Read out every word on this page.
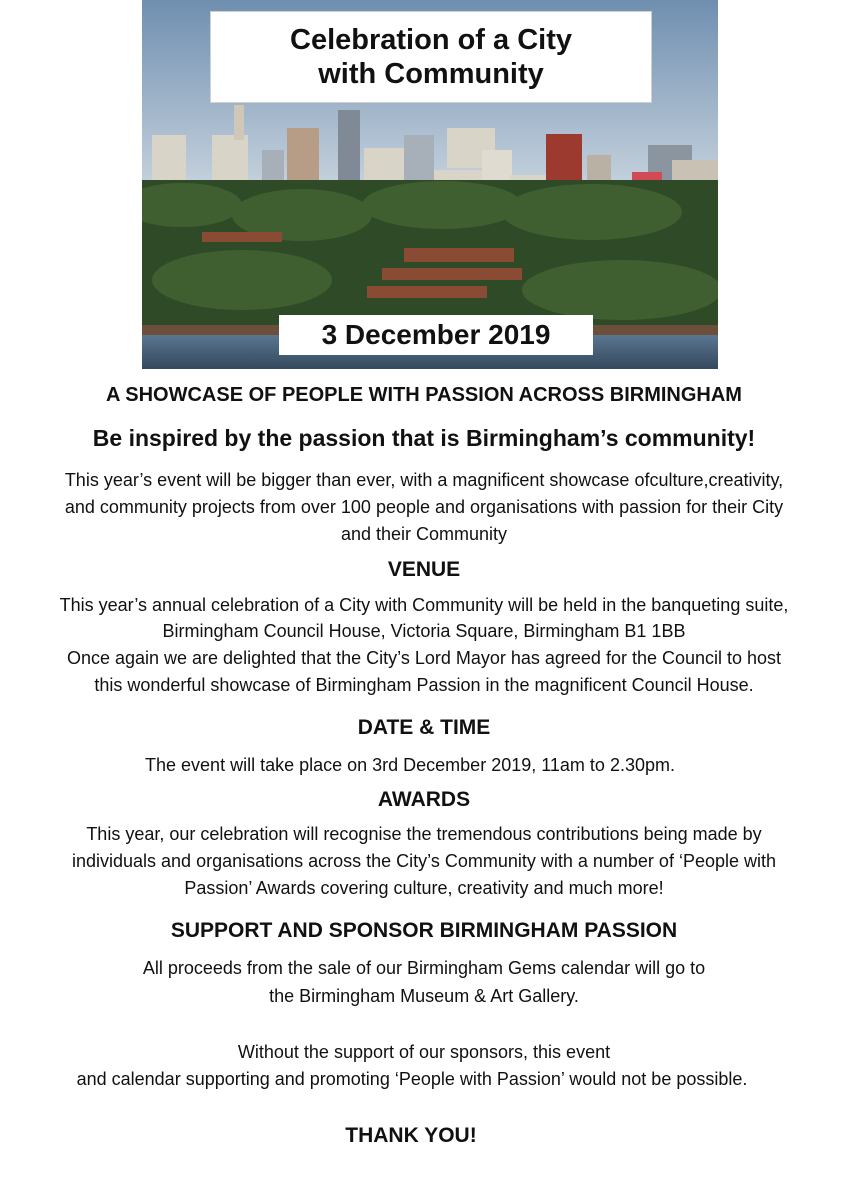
Celebration of a City
with Community

3 December 2019

A SHOWCASE OF PEOPLE WITH PASSION ACROSS BIRMINGHAM

Be inspired by the passion that is Birmingham’s community!

This year’s event will be bigger than ever, with a magnificent showcase ofculture,creativity,

and community projects from over 100 people and organisations with passion for their City

and their Community

VENUE

This year’s annual celebration of a City with Community will be held in the banqueting suite,

Birmingham Council House, Victoria Square, Birmingham B1 1BB

Once again we are delighted that the City’s Lord Mayor has agreed for the Council to host

this wonderful showcase of Birmingham Passion in the magnificent Council House.

DATE & TIME

The event will take place on 3rd December 2019, 11am to 2.30pm.

AWARDS

This year, our celebration will recognise the tremendous contributions being made by

individuals and organisations across the City’s Community with a number of ‘People with

Passion’ Awards covering culture, creativity and much more!

SUPPORT AND SPONSOR BIRMINGHAM PASSION

All proceeds from the sale of our Birmingham Gems calendar will go to

the Birmingham Museum & Art Gallery.

Without the support of our sponsors, this event

and calendar supporting and promoting ‘People with Passion’ would not be possible.

THANK YOU!
